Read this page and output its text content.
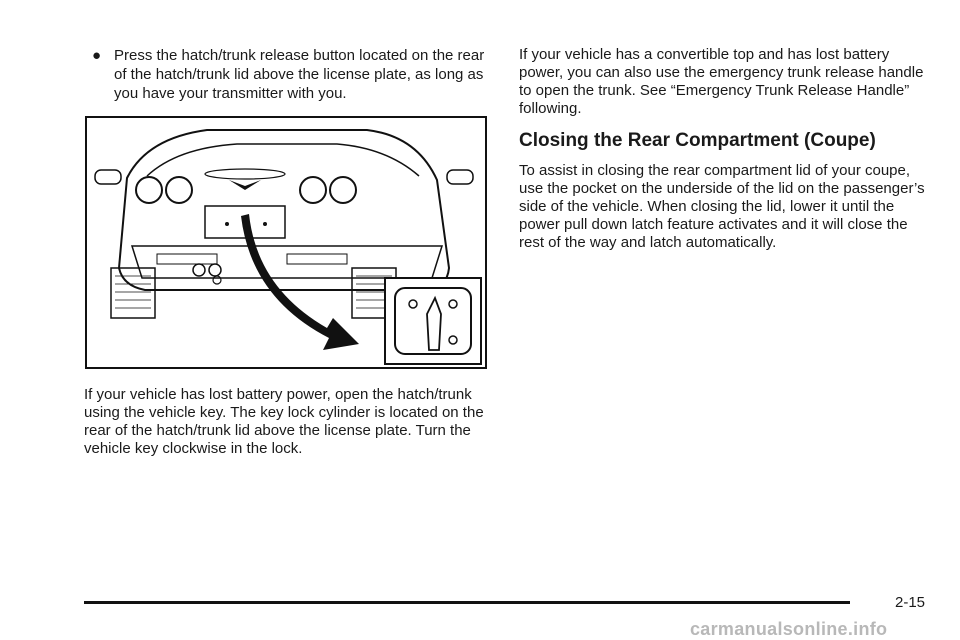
● Press the hatch/trunk release button located on the rear of the hatch/trunk lid above the license plate, as long as you have your transmitter with you.

If your vehicle has lost battery power, open the hatch/trunk using the vehicle key. The key lock cylinder is located on the rear of the hatch/trunk lid above the license plate. Turn the vehicle key clockwise in the lock.

If your vehicle has a convertible top and has lost battery power, you can also use the emergency trunk release handle to open the trunk. See “Emergency Trunk Release Handle” following.

Closing the Rear Compartment (Coupe)

To assist in closing the rear compartment lid of your coupe, use the pocket on the underside of the lid on the passenger’s side of the vehicle. When closing the lid, lower it until the power pull down latch feature activates and it will close the rest of the way and latch automatically.

2-15
carmanualsonline.info
